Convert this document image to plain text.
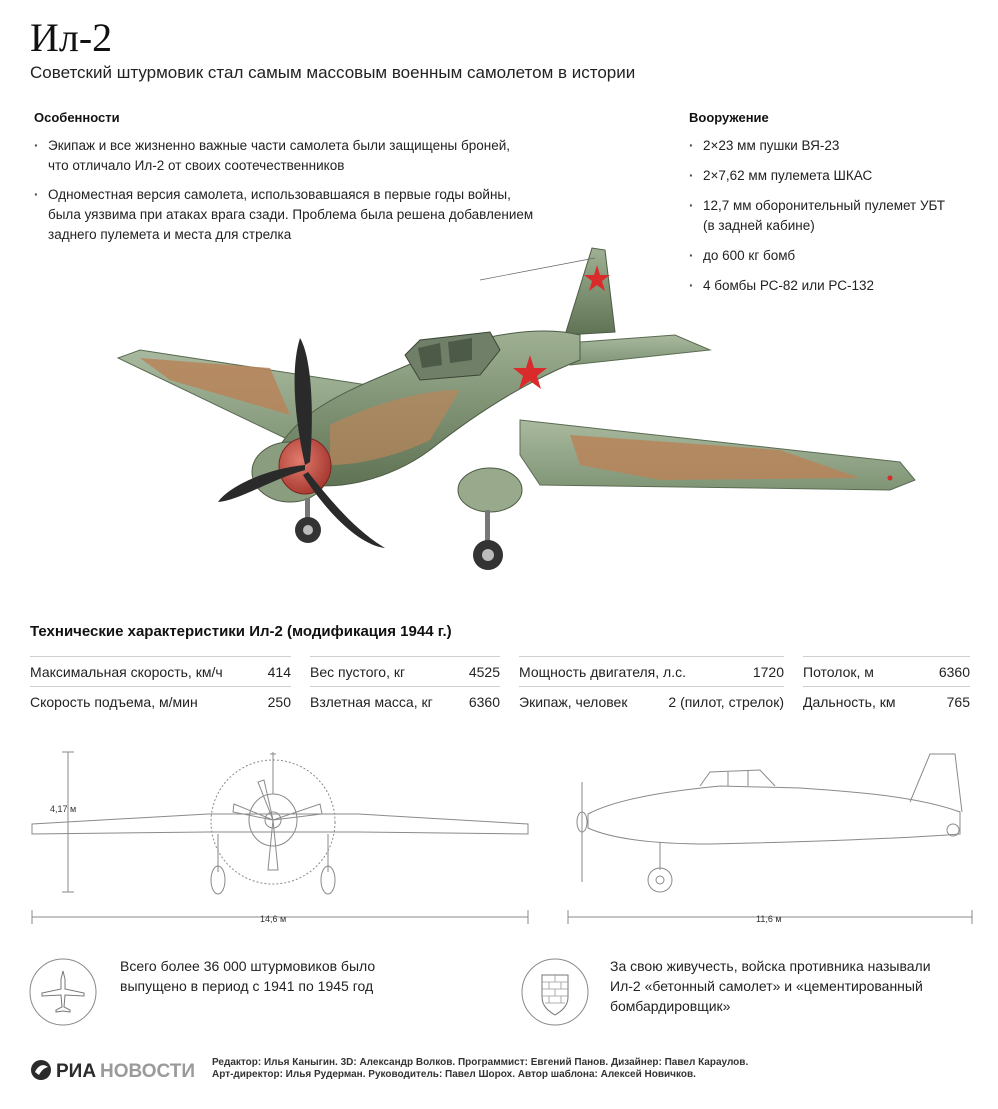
Ил-2
Советский штурмовик стал самым массовым военным самолетом в истории
Особенности
· Экипаж и все жизненно важные части самолета были защищены броней,
что отличало Ил-2 от своих соотечественников
· Одноместная версия самолета, использовавшаяся в первые годы войны,
была уязвима при атаках врага сзади. Проблема была решена добавлением
заднего пулемета и места для стрелка
Вооружение
· 2×23 мм пушки ВЯ-23
· 2×7,62 мм пулемета ШКАС
· 12,7 мм оборонительный пулемет УБТ
(в задней кабине)
· до 600 кг бомб
· 4 бомбы РС-82 или РС-132
Технические характеристики Ил-2 (модификация 1944 г.)
Максимальная скорость, км/ч	414
Скорость подъема, м/мин	250
Вес пустого, кг	4525
Взлетная масса, кг	6360
Мощность двигателя, л.с.	1720
Экипаж, человек	2 (пилот, стрелок)
Потолок, м	6360
Дальность, км	765
4,17 м
14,6 м	11,6 м
Всего более 36 000 штурмовиков было
выпущено в период с 1941 по 1945 год
За свою живучесть, войска противника называли
Ил-2 «бетонный самолет» и «цементированный
бомбардировщик»
РИА НОВОСТИ Редактор: Илья Каныгин. 3D: Александр Волков. Программист: Евгений Панов. Дизайнер: Павел Караулов.
Арт-директор: Илья Рудерман. Руководитель: Павел Шорох. Автор шаблона: Алексей Новичков.
